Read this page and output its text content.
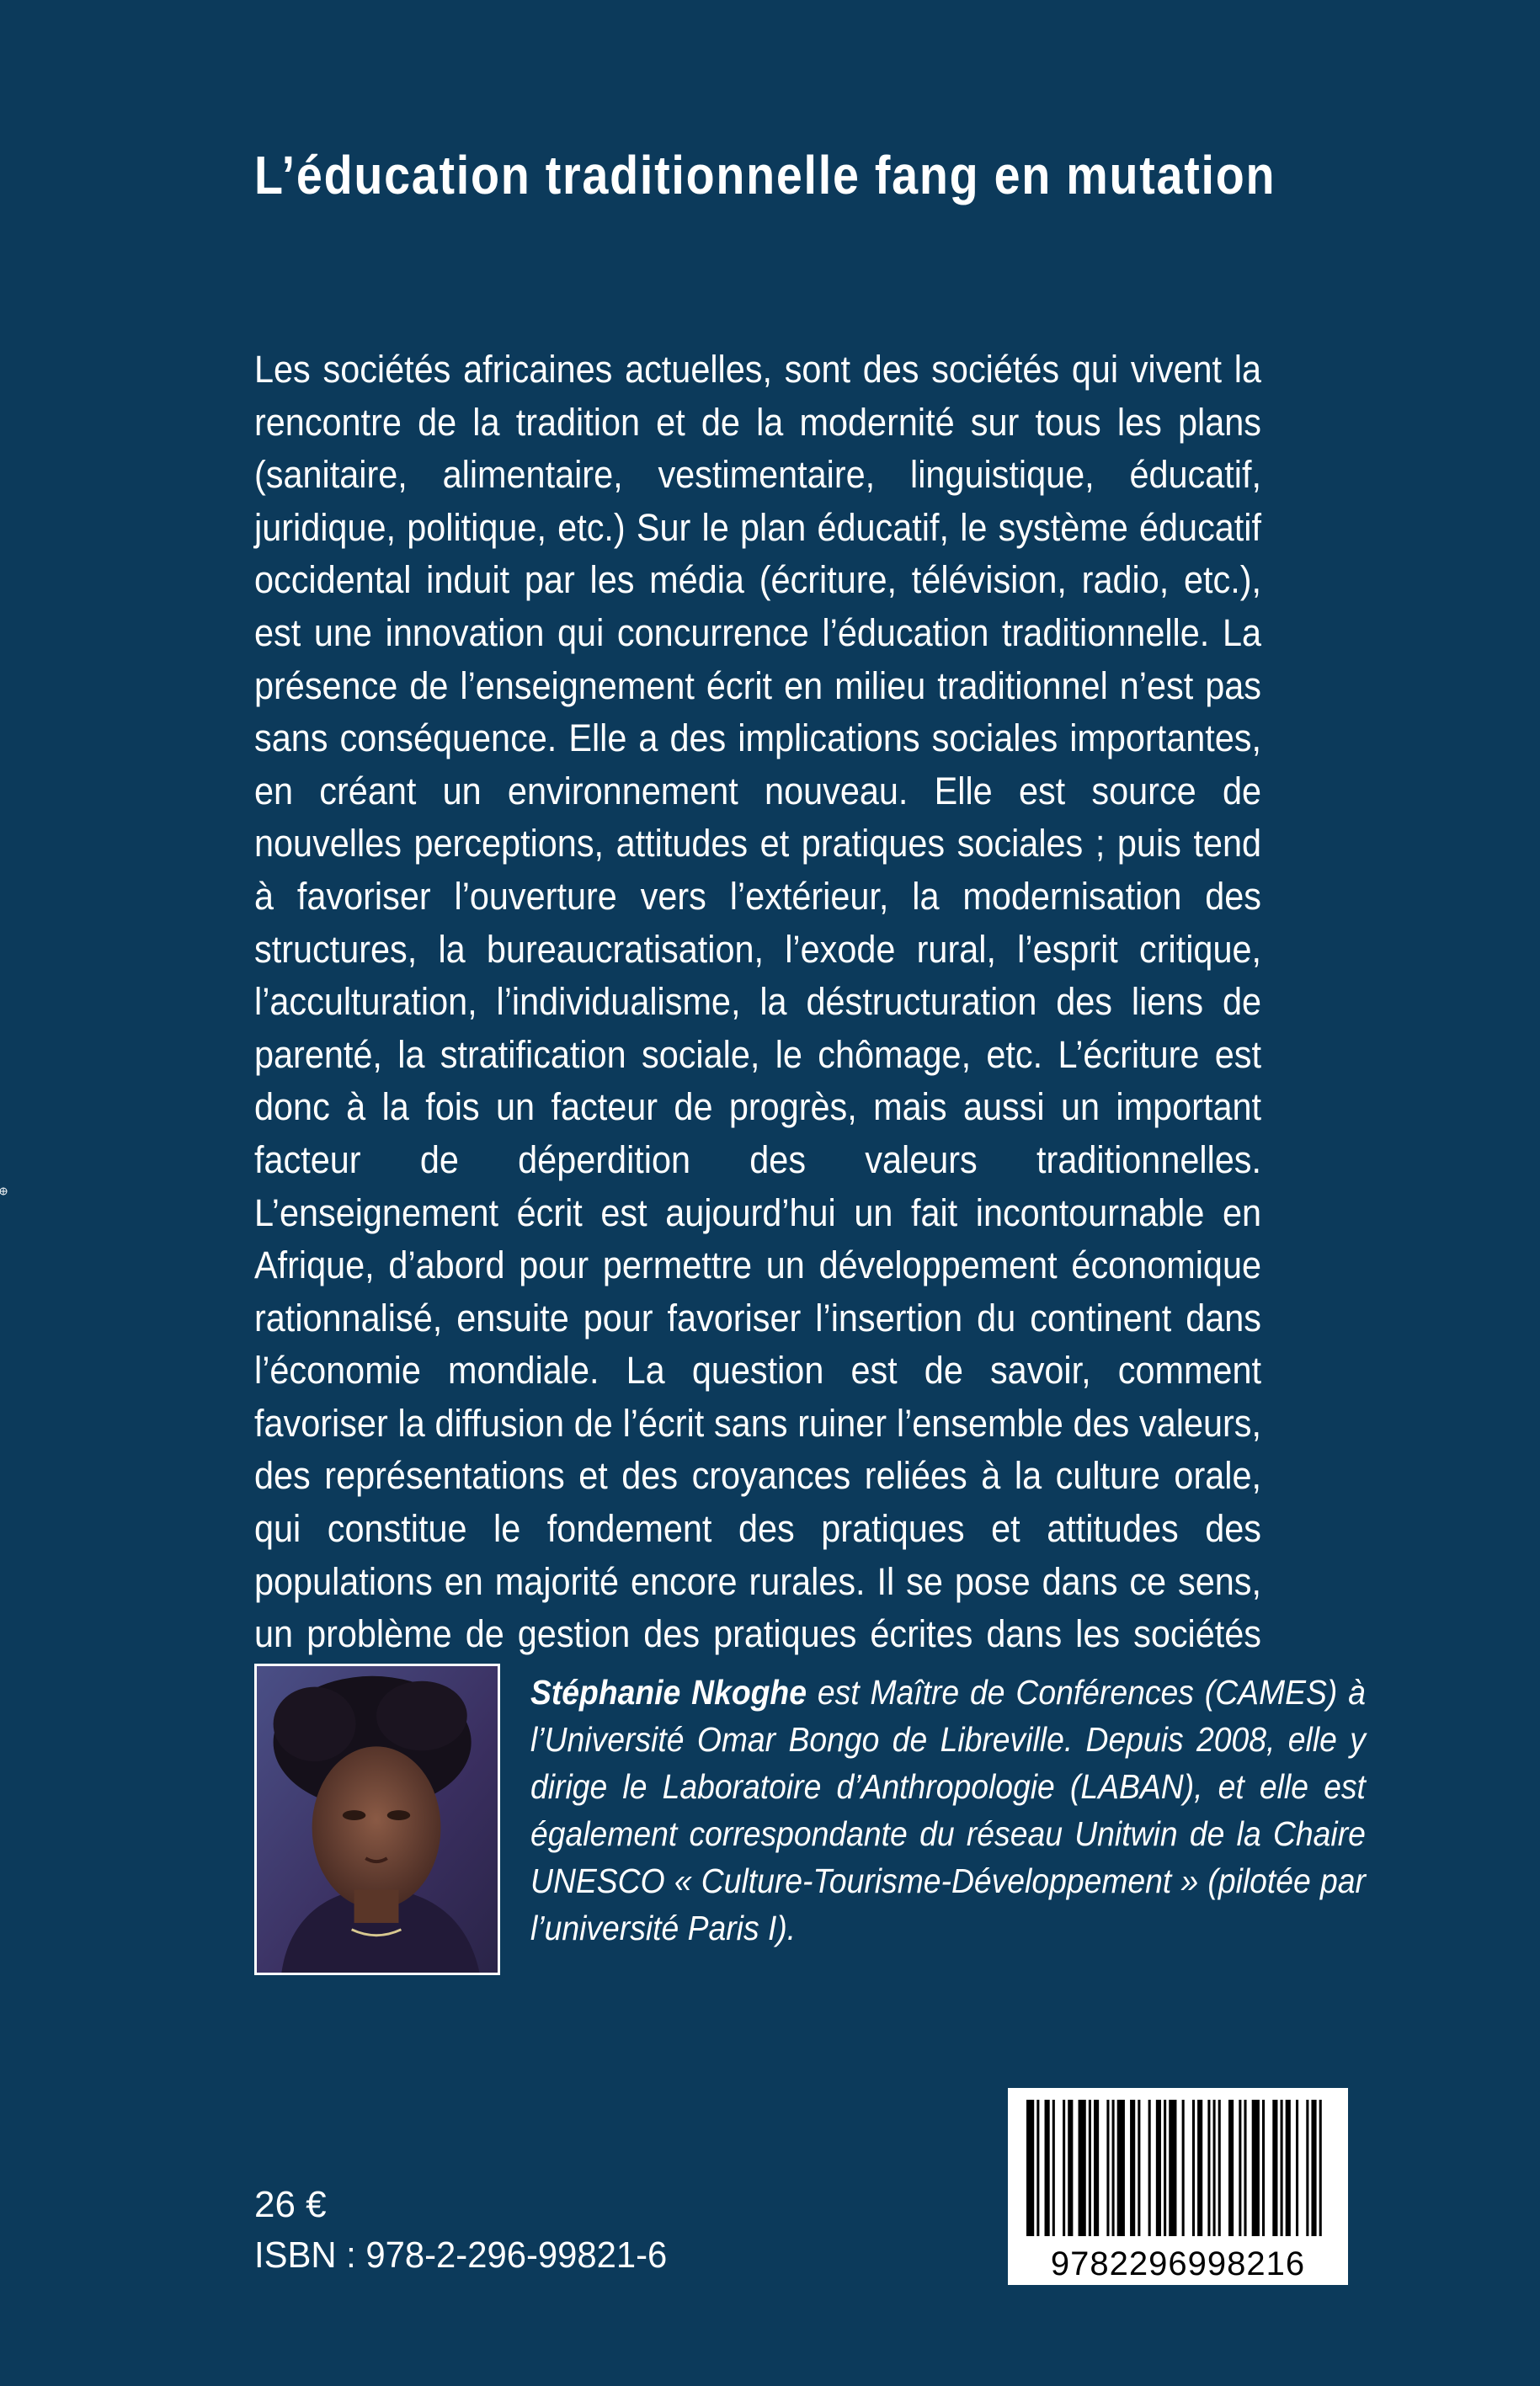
L’éducation traditionnelle fang en mutation
Les sociétés africaines actuelles, sont des sociétés qui vivent la rencontre de la tradition et de la modernité sur tous les plans (sanitaire, alimentaire, vestimentaire, linguistique, éducatif, juridique, politique, etc.) Sur le plan éducatif, le système éducatif occidental induit par les média (écriture, télévision, radio, etc.), est une innovation qui concurrence l’éducation traditionnelle. La présence de l’enseignement écrit en milieu traditionnel n’est pas sans conséquence. Elle a des implications sociales importantes, en créant un environnement nouveau. Elle est source de nouvelles perceptions, attitudes et pratiques sociales ; puis tend à favoriser l’ouverture vers l’extérieur, la modernisation des structures, la bureaucratisation, l’exode rural, l’esprit critique, l’acculturation, l’individualisme, la déstructuration des liens de parenté, la stratification sociale, le chômage, etc. L’écriture est donc à la fois un facteur de progrès, mais aussi un important facteur de déperdition des valeurs traditionnelles. L’enseignement écrit est aujourd’hui un fait incontournable en Afrique, d’abord pour permettre un développement économique rationnalisé, ensuite pour favoriser l’insertion du continent dans l’économie mondiale. La question est de savoir, comment favoriser la diffusion de l’écrit sans ruiner l’ensemble des valeurs, des représentations et des croyances reliées à la culture orale, qui constitue le fondement des pratiques et attitudes des populations en majorité encore rurales. Il se pose dans ce sens, un problème de gestion des pratiques écrites dans les sociétés

Stéphanie Nkoghe est Maître de Conférences (CAMES) à l’Université Omar Bongo de Libreville. Depuis 2008, elle y dirige le Laboratoire d’Anthropologie (LABAN), et elle est également correspondante du réseau Unitwin de la Chaire UNESCO « Culture-Tourisme-Développement » (pilotée par l’université Paris I).

26 €

ISBN : 978-2-296-99821-6	9782296998216
